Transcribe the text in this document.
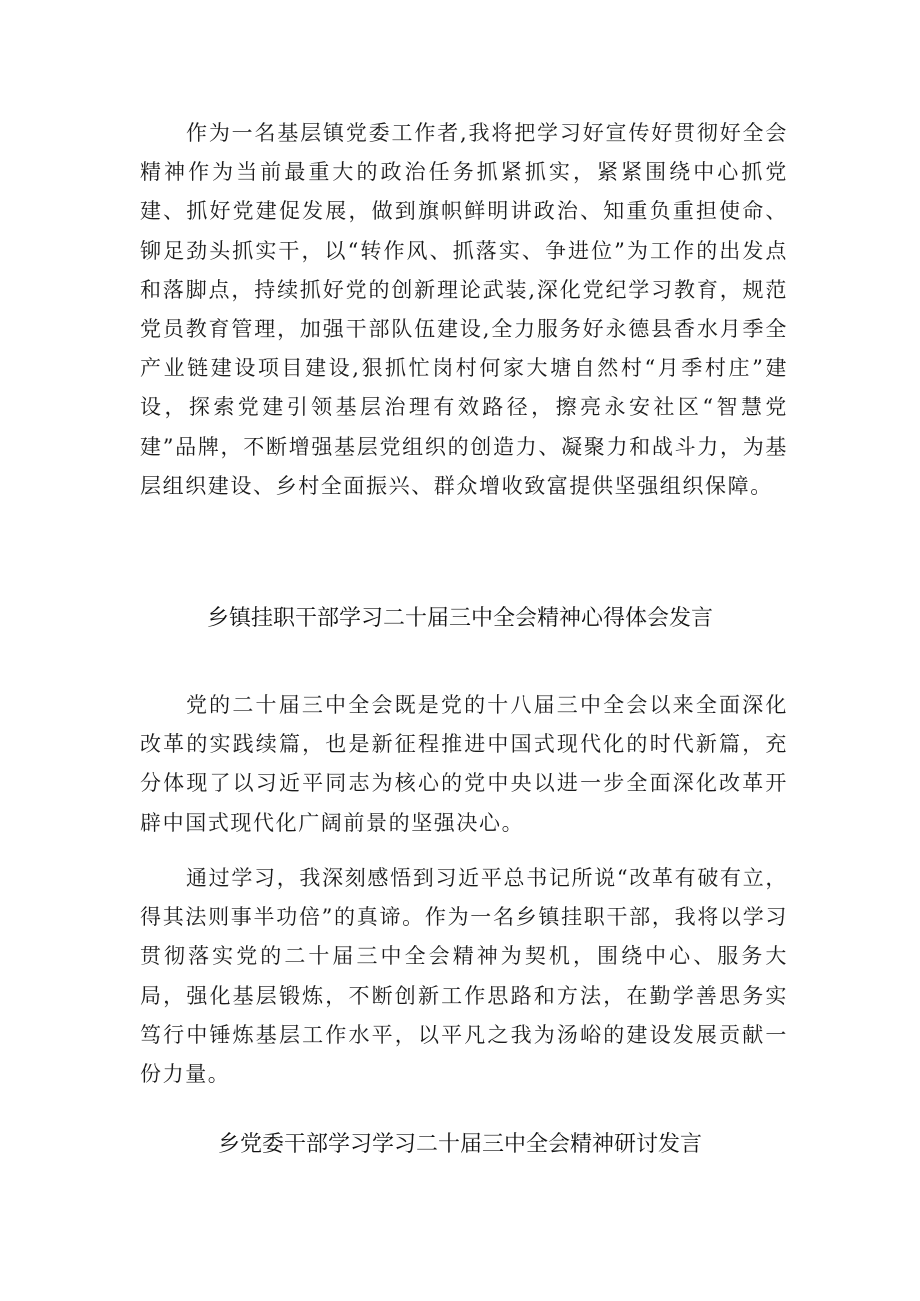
作为一名基层镇党委工作者,我将把学习好宣传好贯彻好全会精神作为当前最重大的政治任务抓紧抓实，紧紧围绕中心抓党建、抓好党建促发展，做到旗帜鲜明讲政治、知重负重担使命、铆足劲头抓实干，以“转作风、抓落实、争进位”为工作的出发点和落脚点，持续抓好党的创新理论武装,深化党纪学习教育，规范党员教育管理，加强干部队伍建设,全力服务好永德县香水月季全产业链建设项目建设,狠抓忙岗村何家大塘自然村“月季村庄”建设，探索党建引领基层治理有效路径，擦亮永安社区“智慧党建”品牌，不断增强基层党组织的创造力、凝聚力和战斗力，为基层组织建设、乡村全面振兴、群众增收致富提供坚强组织保障。

乡镇挂职干部学习二十届三中全会精神心得体会发言

党的二十届三中全会既是党的十八届三中全会以来全面深化改革的实践续篇，也是新征程推进中国式现代化的时代新篇，充分体现了以习近平同志为核心的党中央以进一步全面深化改革开辟中国式现代化广阔前景的坚强决心。

通过学习，我深刻感悟到习近平总书记所说“改革有破有立，得其法则事半功倍”的真谛。作为一名乡镇挂职干部，我将以学习贯彻落实党的二十届三中全会精神为契机，围绕中心、服务大局，强化基层锻炼，不断创新工作思路和方法，在勤学善思务实笃行中锤炼基层工作水平，以平凡之我为汤峪的建设发展贡献一份力量。

乡党委干部学习学习二十届三中全会精神研讨发言
